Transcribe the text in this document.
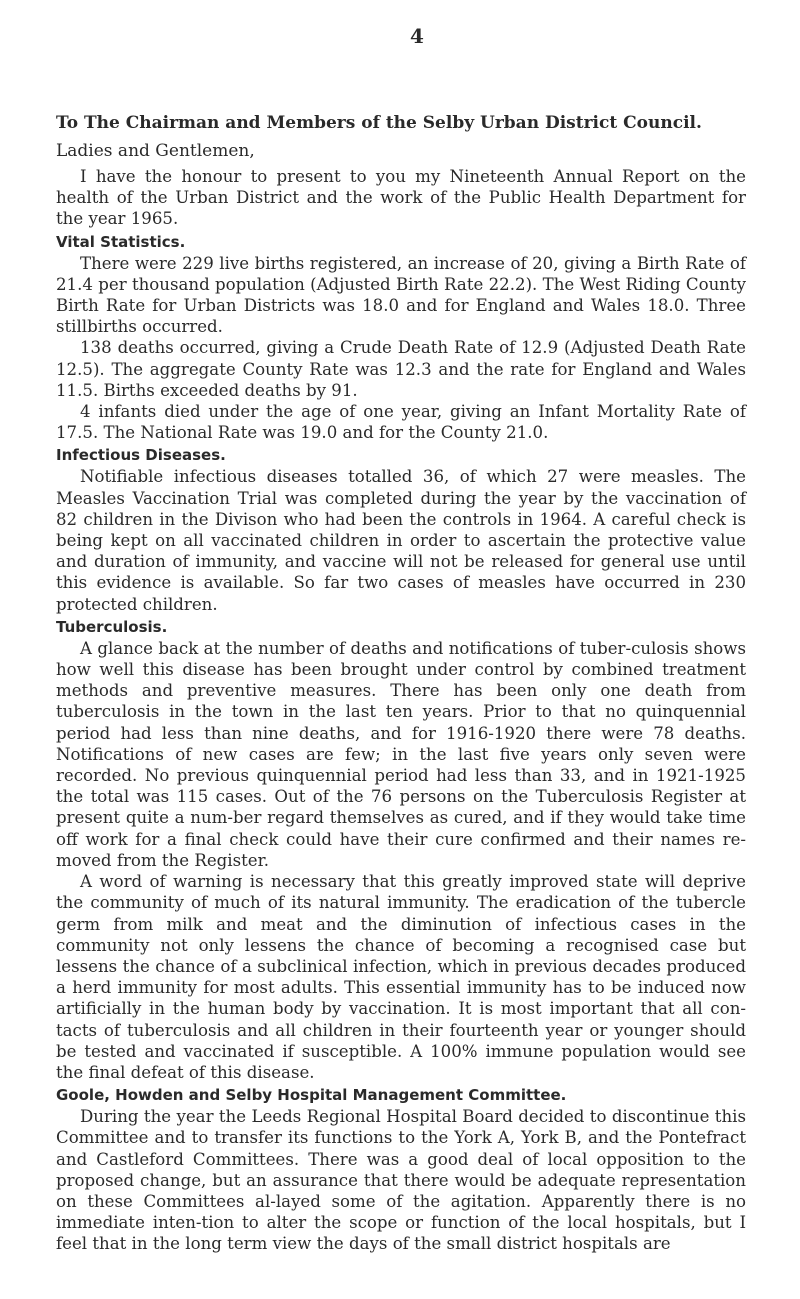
4
To The Chairman and Members of the Selby Urban District Council.
Ladies and Gentlemen,

I have the honour to present to you my Nineteenth Annual Report on the health of the Urban District and the work of the Public Health Department for the year 1965.

Vital Statistics.

There were 229 live births registered, an increase of 20, giving a Birth Rate of 21.4 per thousand population (Adjusted Birth Rate 22.2). The West Riding County Birth Rate for Urban Districts was 18.0 and for England and Wales 18.0. Three stillbirths occurred.

138 deaths occurred, giving a Crude Death Rate of 12.9 (Adjusted Death Rate 12.5). The aggregate County Rate was 12.3 and the rate for England and Wales 11.5. Births exceeded deaths by 91.

4 infants died under the age of one year, giving an Infant Mortality Rate of 17.5. The National Rate was 19.0 and for the County 21.0.

Infectious Diseases.

Notifiable infectious diseases totalled 36, of which 27 were measles. The Measles Vaccination Trial was completed during the year by the vaccination of 82 children in the Divison who had been the controls in 1964. A careful check is being kept on all vaccinated children in order to ascertain the protective value and duration of immunity, and vaccine will not be released for general use until this evidence is available. So far two cases of measles have occurred in 230 protected children.

Tuberculosis.

A glance back at the number of deaths and notifications of tuber-culosis shows how well this disease has been brought under control by combined treatment methods and preventive measures. There has been only one death from tuberculosis in the town in the last ten years. Prior to that no quinquennial period had less than nine deaths, and for 1916-1920 there were 78 deaths. Notifications of new cases are few; in the last five years only seven were recorded. No previous quinquennial period had less than 33, and in 1921-1925 the total was 115 cases. Out of the 76 persons on the Tuberculosis Register at present quite a num-ber regard themselves as cured, and if they would take time off work for a final check could have their cure confirmed and their names re-moved from the Register.

A word of warning is necessary that this greatly improved state will deprive the community of much of its natural immunity. The eradication of the tubercle germ from milk and meat and the diminution of infectious cases in the community not only lessens the chance of becoming a recognised case but lessens the chance of a subclinical infection, which in previous decades produced a herd immunity for most adults. This essential immunity has to be induced now artificially in the human body by vaccination. It is most important that all con-tacts of tuberculosis and all children in their fourteenth year or younger should be tested and vaccinated if susceptible. A 100% immune population would see the final defeat of this disease.

Goole, Howden and Selby Hospital Management Committee.

During the year the Leeds Regional Hospital Board decided to discontinue this Committee and to transfer its functions to the York A, York B, and the Pontefract and Castleford Committees. There was a good deal of local opposition to the proposed change, but an assurance that there would be adequate representation on these Committees al-layed some of the agitation. Apparently there is no immediate inten-tion to alter the scope or function of the local hospitals, but I feel that in the long term view the days of the small district hospitals are
